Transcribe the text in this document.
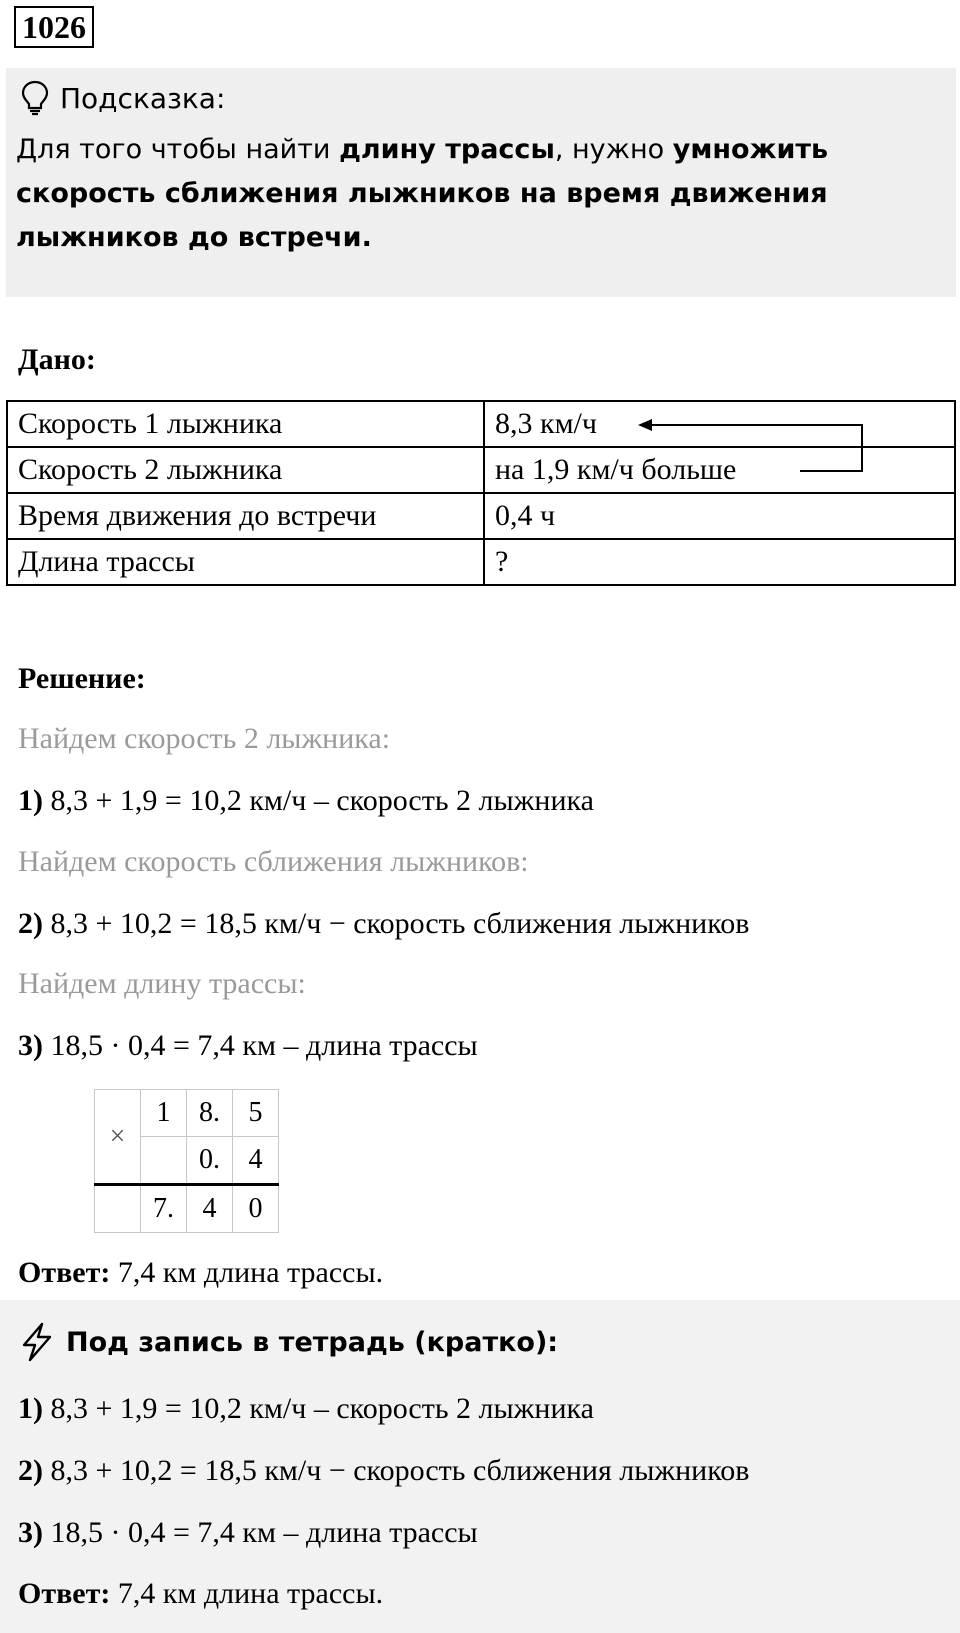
1026
Подсказка:
Для того чтобы найти длину трассы, нужно умножить
скорость сближения лыжников на время движения
лыжников до встречи.
Дано:
Скорость 1 лыжника	8,3 км/ч
Скорость 2 лыжника	на 1,9 км/ч больше
Время движения до встречи	0,4 ч
Длина трассы	?
Решение:
Найдем скорость 2 лыжника:
1) 8,3 + 1,9 = 10,2 км/ч – скорость 2 лыжника
Найдем скорость сближения лыжников:
2) 8,3 + 10,2 = 18,5 км/ч − скорость сближения лыжников
Найдем длину трассы:
3) 18,5 · 0,4 = 7,4 км – длина трассы
×	1	8.	5
		0.	4
	7.	4	0
Ответ: 7,4 км длина трассы.
Под запись в тетрадь (кратко):
1) 8,3 + 1,9 = 10,2 км/ч – скорость 2 лыжника
2) 8,3 + 10,2 = 18,5 км/ч − скорость сближения лыжников
3) 18,5 · 0,4 = 7,4 км – длина трассы
Ответ: 7,4 км длина трассы.
